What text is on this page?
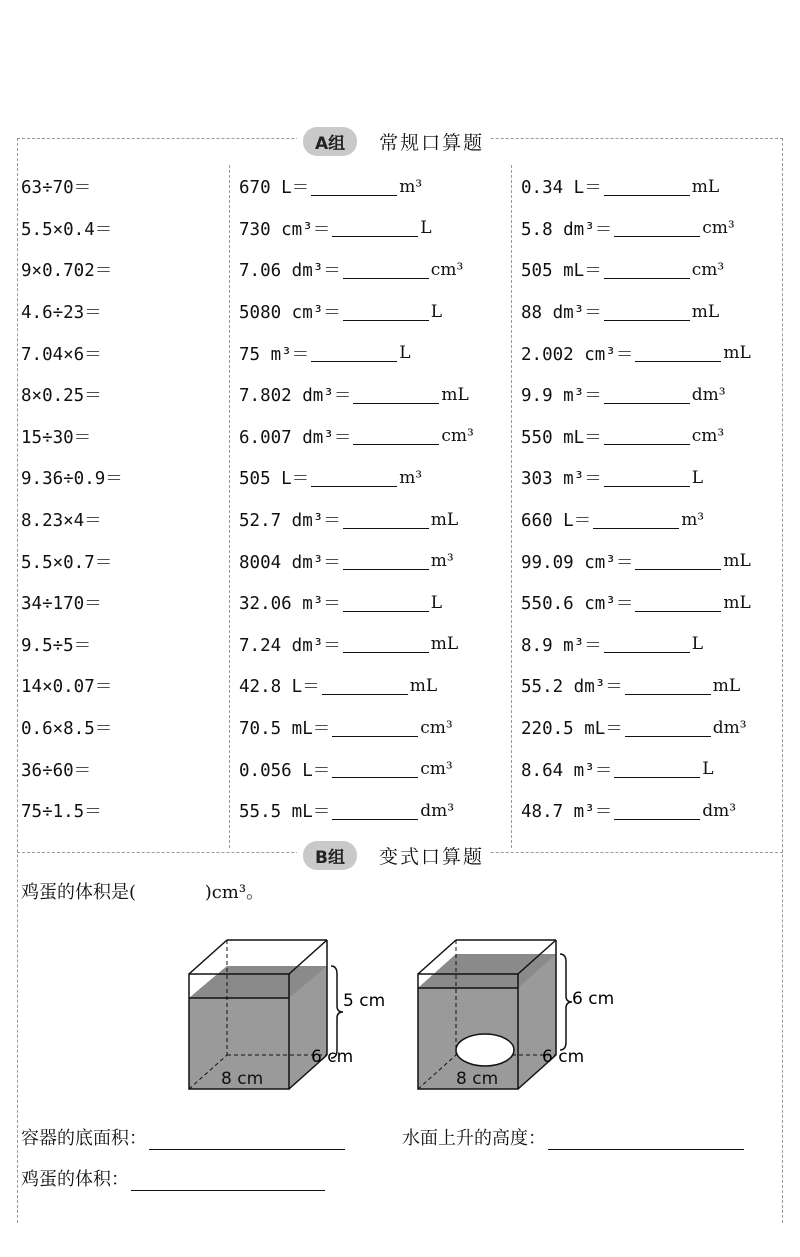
A组	常规口算题
63÷70＝
5.5×0.4＝
9×0.702＝
4.6÷23＝
7.04×6＝
8×0.25＝
15÷30＝
9.36÷0.9＝
8.23×4＝
5.5×0.7＝
34÷170＝
9.5÷5＝
14×0.07＝
0.6×8.5＝
36÷60＝
75÷1.5＝
670 L＝	m³
730 cm³＝	L
7.06 dm³＝	cm³
5080 cm³＝	L
75 m³＝	L
7.802 dm³＝	mL
6.007 dm³＝	cm³
505 L＝	m³
52.7 dm³＝	mL
8004 dm³＝	m³
32.06 m³＝	L
7.24 dm³＝	mL
42.8 L＝	mL
70.5 mL＝	cm³
0.056 L＝	cm³
55.5 mL＝	dm³
0.34 L＝	mL
5.8 dm³＝	cm³
505 mL＝	cm³
88 dm³＝	mL
2.002 cm³＝	mL
9.9 m³＝	dm³
550 mL＝	cm³
303 m³＝	L
660 L＝	m³
99.09 cm³＝	mL
550.6 cm³＝	mL
8.9 m³＝	L
55.2 dm³＝	mL
220.5 mL＝	dm³
8.64 m³＝	L
48.7 m³＝	dm³
B组	变式口算题
鸡蛋的体积是(	)cm³。
5 cm
6 cm
8 cm
6 cm
6 cm
8 cm
容器的底面积：	水面上升的高度：
鸡蛋的体积：
